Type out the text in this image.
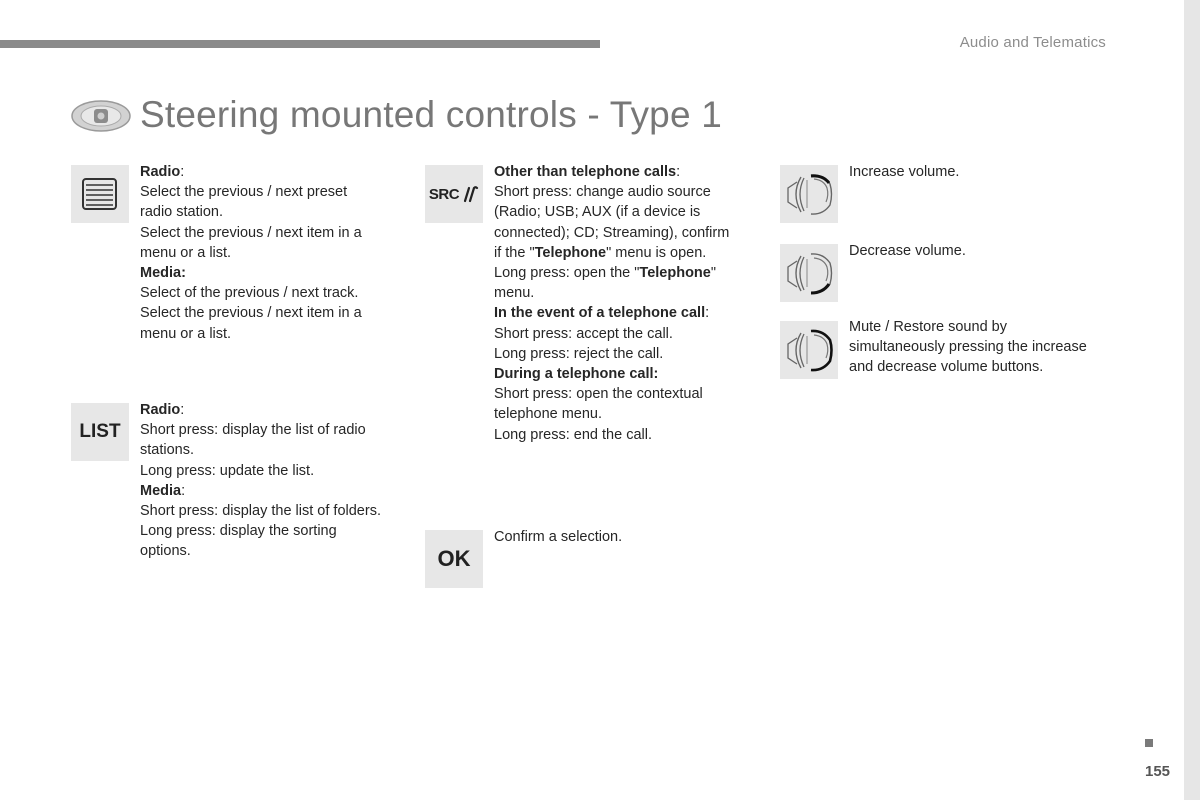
Audio and Telematics
Steering mounted controls - Type 1
Radio:
Select the previous / next preset
radio station.
Select the previous / next item in a
menu or a list.
Media:
Select of the previous / next track.
Select the previous / next item in a
menu or a list.
LIST
Radio:
Short press: display the list of radio
stations.
Long press: update the list.
Media:
Short press: display the list of folders.
Long press: display the sorting
options.
SRC
Other than telephone calls:
Short press: change audio source
(Radio; USB; AUX (if a device is
connected); CD; Streaming), confirm
if the "Telephone" menu is open.
Long press: open the "Telephone"
menu.
In the event of a telephone call:
Short press: accept the call.
Long press: reject the call.
During a telephone call:
Short press: open the contextual
telephone menu.
Long press: end the call.
OK
Confirm a selection.
Increase volume.
Decrease volume.
Mute / Restore sound by
simultaneously pressing the increase
and decrease volume buttons.
155
